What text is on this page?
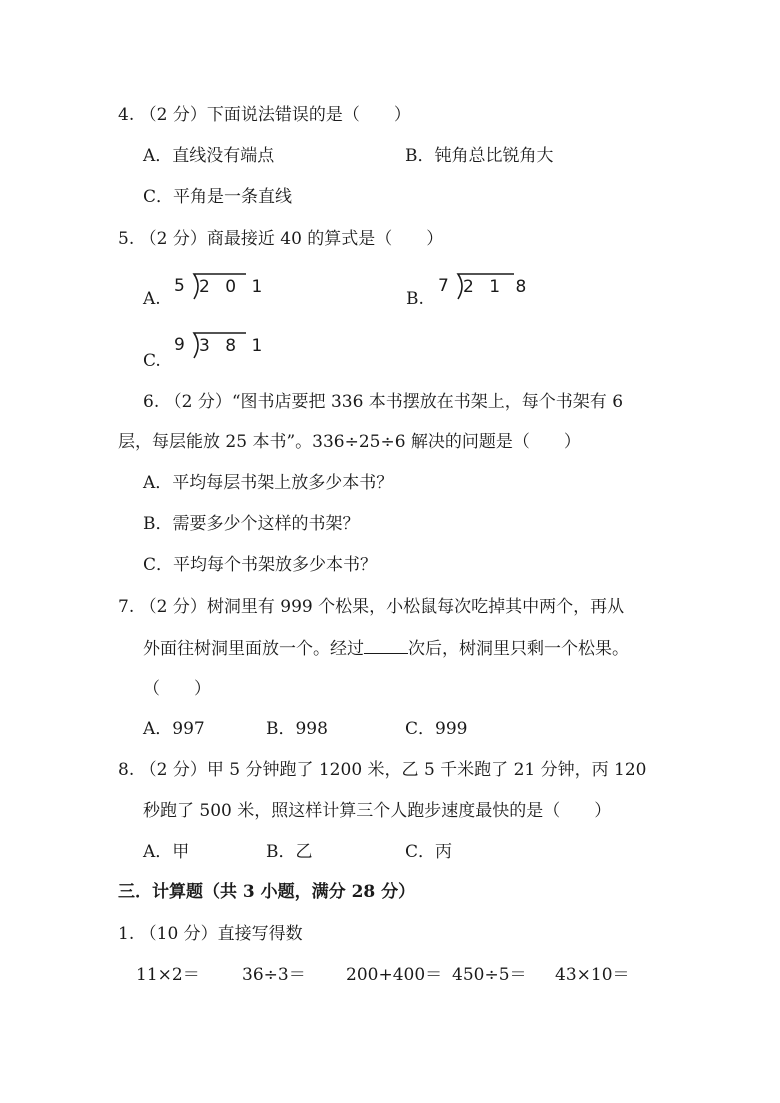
4. （2 分）下面说法错误的是（　　）
A．直线没有端点	B．钝角总比锐角大
C．平角是一条直线
5. （2 分）商最接近 40 的算式是（　　）
A.
5 2 0 1
B.
7 2 1 8
C.
9 3 8 1
6. （2 分）“图书店要把 336 本书摆放在书架上，每个书架有 6
层，每层能放 25 本书”。336÷25÷6 解决的问题是（　　）
A．平均每层书架上放多少本书？
B．需要多少个这样的书架？
C．平均每个书架放多少本书？
7. （2 分）树洞里有 999 个松果，小松鼠每次吃掉其中两个，再从
外面往树洞里面放一个。经过	次后，树洞里只剩一个松果。
（　　）
A．997	B．998	C．999
8. （2 分）甲 5 分钟跑了 1200 米，乙 5 千米跑了 21 分钟，丙 120
秒跑了 500 米，照这样计算三个人跑步速度最快的是（　　）
A．甲	B．乙	C．丙
三．计算题（共 3 小题，满分 28 分）
1. （10 分）直接写得数
11×2＝ 36÷3＝ 200+400＝ 450÷5＝ 43×10＝
